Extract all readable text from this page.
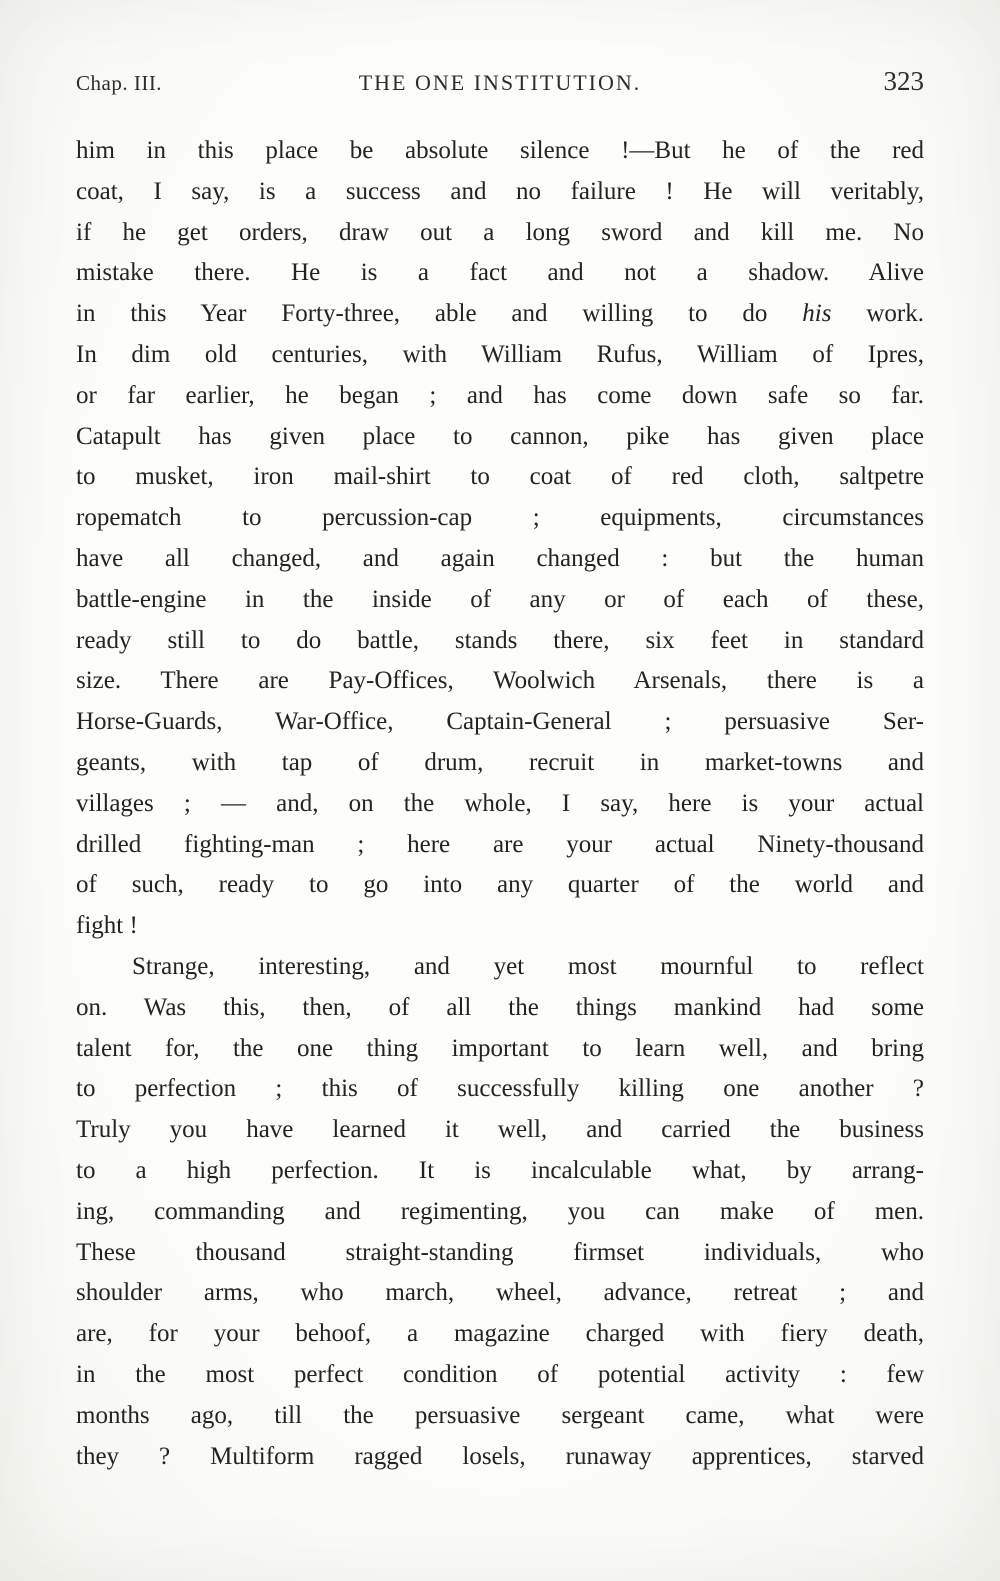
Chap. III.	THE ONE INSTITUTION.	323
him in this place be absolute silence !—But he of the red
coat, I say, is a success and no failure ! He will veritably,
if he get orders, draw out a long sword and kill me. No
mistake there. He is a fact and not a shadow. Alive
in this Year Forty-three, able and willing to do his work.
In dim old centuries, with William Rufus, William of Ipres,
or far earlier, he began ; and has come down safe so far.
Catapult has given place to cannon, pike has given place
to musket, iron mail-shirt to coat of red cloth, saltpetre
ropematch to percussion-cap ; equipments, circumstances
have all changed, and again changed : but the human
battle-engine in the inside of any or of each of these,
ready still to do battle, stands there, six feet in standard
size. There are Pay-Offices, Woolwich Arsenals, there is a
Horse-Guards, War-Office, Captain-General ; persuasive Ser-
geants, with tap of drum, recruit in market-towns and
villages ; — and, on the whole, I say, here is your actual
drilled fighting-man ; here are your actual Ninety-thousand
of such, ready to go into any quarter of the world and
fight !
Strange, interesting, and yet most mournful to reflect
on. Was this, then, of all the things mankind had some
talent for, the one thing important to learn well, and bring
to perfection ; this of successfully killing one another ?
Truly you have learned it well, and carried the business
to a high perfection. It is incalculable what, by arrang-
ing, commanding and regimenting, you can make of men.
These thousand straight-standing firmset individuals, who
shoulder arms, who march, wheel, advance, retreat ; and
are, for your behoof, a magazine charged with fiery death,
in the most perfect condition of potential activity : few
months ago, till the persuasive sergeant came, what were
they ? Multiform ragged losels, runaway apprentices, starved
